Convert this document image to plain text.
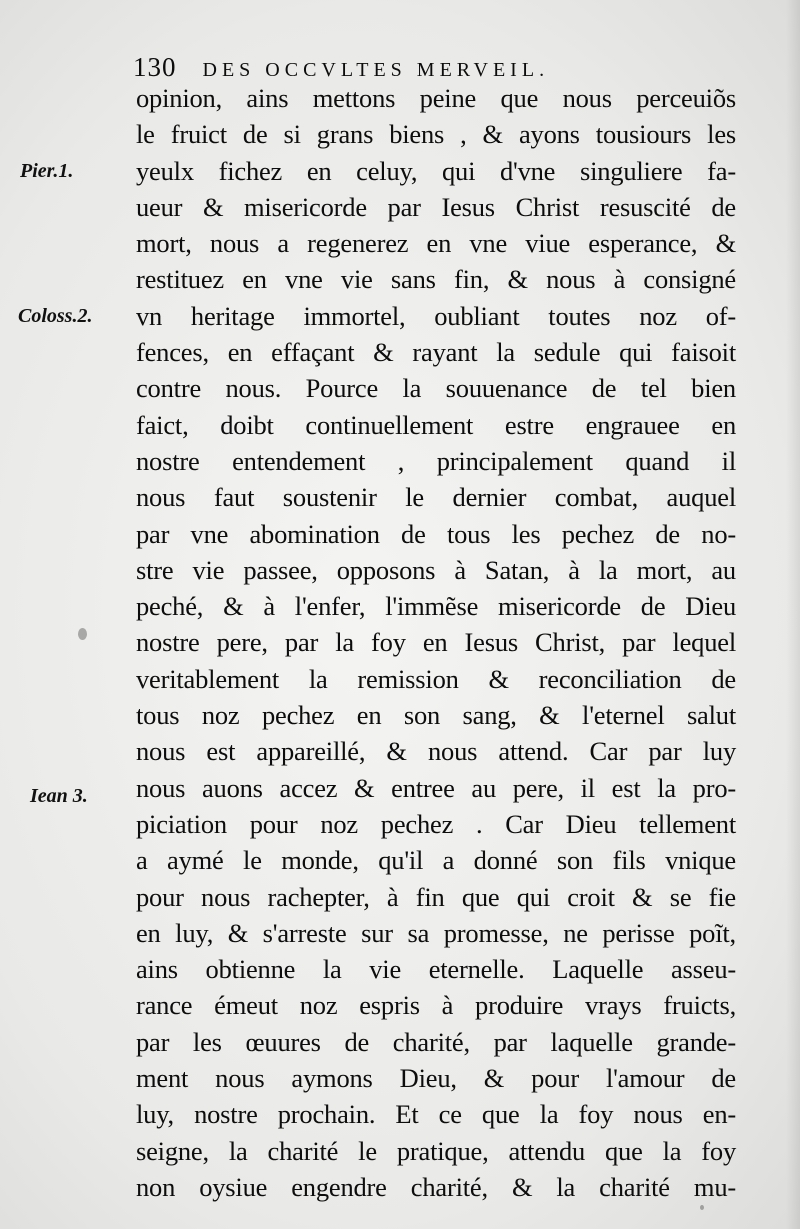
130 DES OCCVLTES MERVEIL.
Pier.1.
Coloss.2.
Iean 3.
opinion, ains mettons peine que nous perceuiõs
le fruict de si grans biens , & ayons tousiours les
yeulx fichez en celuy, qui d'vne singuliere fa-
ueur & misericorde par Iesus Christ resuscité de
mort, nous a regenerez en vne viue esperance, &
restituez en vne vie sans fin, & nous à consigné
vn heritage immortel, oubliant toutes noz of-
fences, en effaçant & rayant la sedule qui faisoit
contre nous. Pource la souuenance de tel bien
faict, doibt continuellement estre engrauee en
nostre entendement , principalement quand il
nous faut soustenir le dernier combat, auquel
par vne abomination de tous les pechez de no-
stre vie passee, opposons à Satan, à la mort, au
peché, & à l'enfer, l'immẽse misericorde de Dieu
nostre pere, par la foy en Iesus Christ, par lequel
veritablement la remission & reconciliation de
tous noz pechez en son sang, & l'eternel salut
nous est appareillé, & nous attend. Car par luy
nous auons accez & entree au pere, il est la pro-
piciation pour noz pechez . Car Dieu tellement
a aymé le monde, qu'il a donné son fils vnique
pour nous rachepter, à fin que qui croit & se fie
en luy, & s'arreste sur sa promesse, ne perisse poĩt,
ains obtienne la vie eternelle. Laquelle asseu-
rance émeut noz espris à produire vrays fruicts,
par les œuures de charité, par laquelle grande-
ment nous aymons Dieu, & pour l'amour de
luy, nostre prochain. Et ce que la foy nous en-
seigne, la charité le pratique, attendu que la foy
non oysiue engendre charité, & la charité mu-
